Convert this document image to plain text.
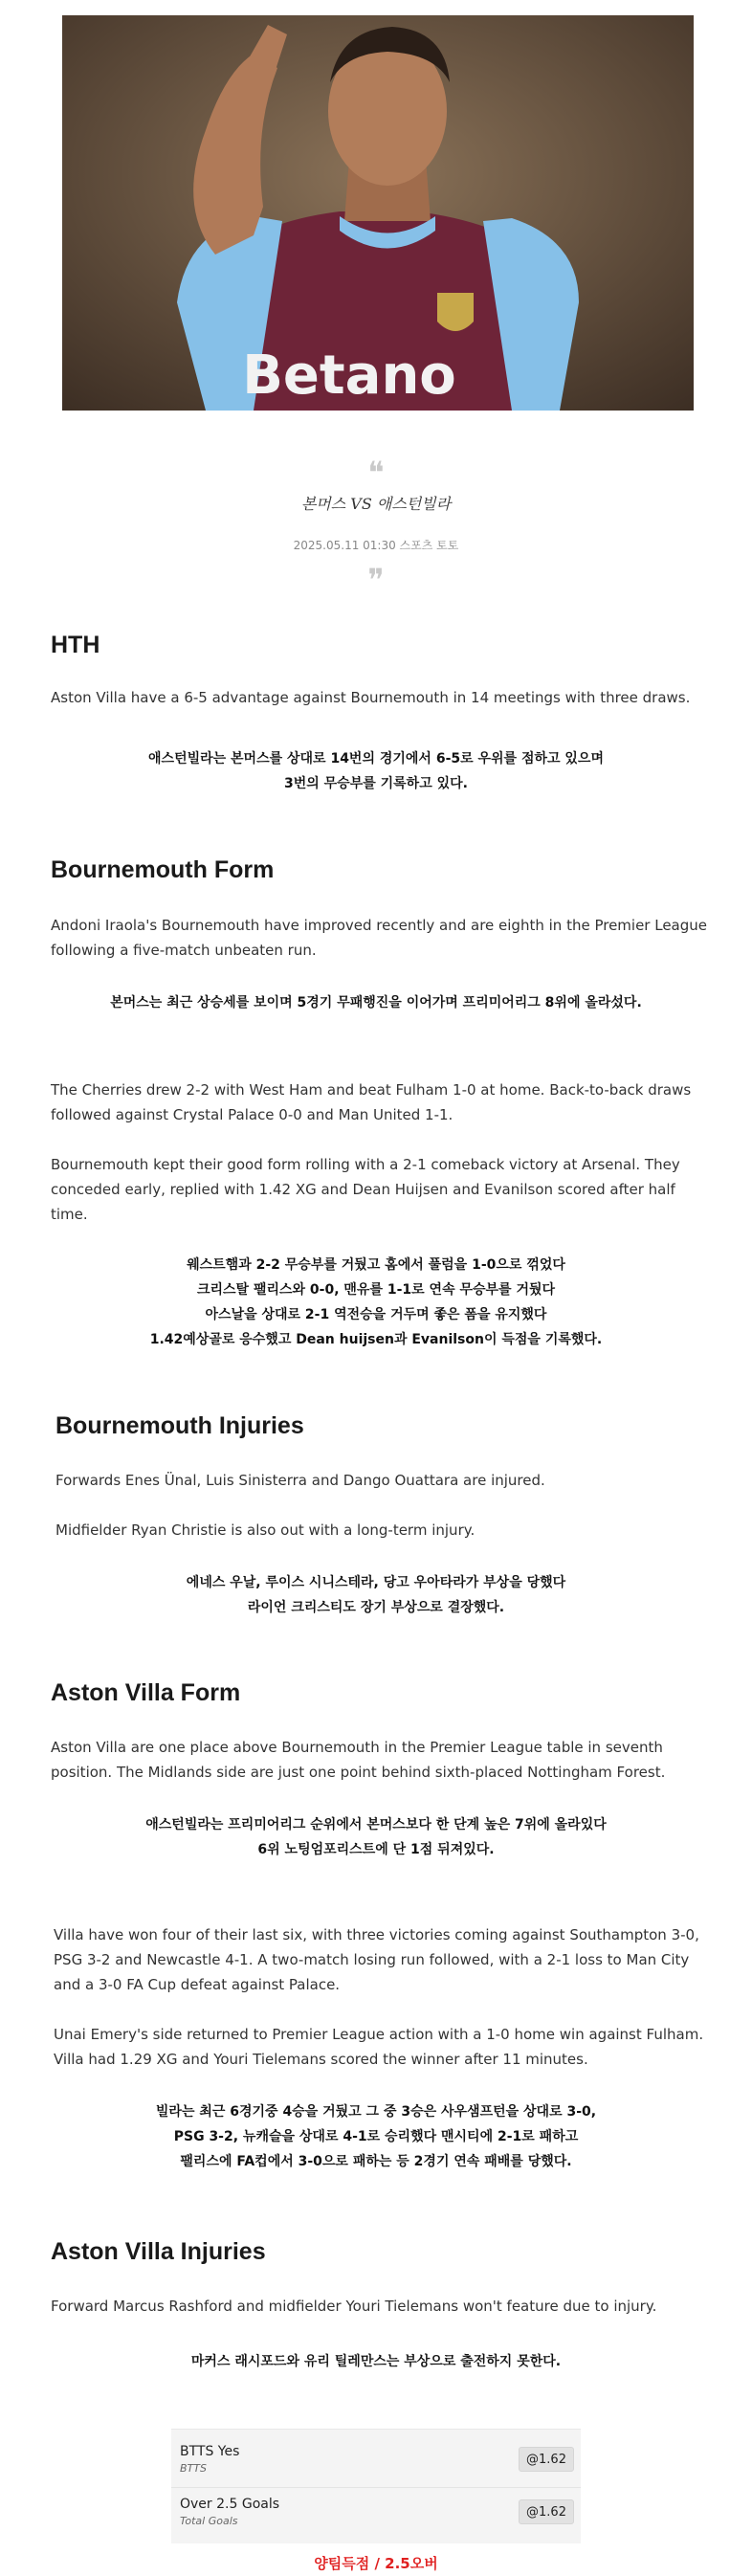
Betano
❝
본머스 VS 애스턴빌라
2025.05.11 01:30 스포츠 토토
❞
HTH
Aston Villa have a 6-5 advantage against Bournemouth in 14 meetings with three draws.
애스턴빌라는 본머스를 상대로 14번의 경기에서 6-5로 우위를 점하고 있으며
3번의 무승부를 기록하고 있다.
Bournemouth Form
Andoni Iraola's Bournemouth have improved recently and are eighth in the Premier League following a five-match unbeaten run.
본머스는 최근 상승세를 보이며 5경기 무패행진을 이어가며 프리미어리그 8위에 올라섰다.
The Cherries drew 2-2 with West Ham and beat Fulham 1-0 at home. Back-to-back draws followed against Crystal Palace 0-0 and Man United 1-1.
Bournemouth kept their good form rolling with a 2-1 comeback victory at Arsenal. They conceded early, replied with 1.42 XG and Dean Huijsen and Evanilson scored after half time.
웨스트햄과 2-2 무승부를 거뒀고 홈에서 풀럼을 1-0으로 꺾었다
크리스탈 팰리스와 0-0, 맨유를 1-1로 연속 무승부를 거뒀다
아스날을 상대로 2-1 역전승을 거두며 좋은 폼을 유지했다
1.42예상골로 응수했고 Dean huijsen과 Evanilson이 득점을 기록했다.
Bournemouth Injuries
Forwards Enes Ünal, Luis Sinisterra and Dango Ouattara are injured.
Midfielder Ryan Christie is also out with a long-term injury.
에네스 우날, 루이스 시니스테라, 당고 우아타라가 부상을 당했다
라이언 크리스티도 장기 부상으로 결장했다.
Aston Villa Form
Aston Villa are one place above Bournemouth in the Premier League table in seventh position. The Midlands side are just one point behind sixth-placed Nottingham Forest.
애스턴빌라는 프리미어리그 순위에서 본머스보다 한 단계 높은 7위에 올라있다
6위 노팅엄포리스트에 단 1점 뒤져있다.
Villa have won four of their last six, with three victories coming against Southampton 3-0, PSG 3-2 and Newcastle 4-1. A two-match losing run followed, with a 2-1 loss to Man City and a 3-0 FA Cup defeat against Palace.
Unai Emery's side returned to Premier League action with a 1-0 home win against Fulham. Villa had 1.29 XG and Youri Tielemans scored the winner after 11 minutes.
빌라는 최근 6경기중 4승을 거뒀고 그 중 3승은 사우샘프턴을 상대로 3-0,
PSG 3-2, 뉴캐슬을 상대로 4-1로 승리했다 맨시티에 2-1로 패하고
팰리스에 FA컵에서 3-0으로 패하는 등 2경기 연속 패배를 당했다.
Aston Villa Injuries
Forward Marcus Rashford and midfielder Youri Tielemans won't feature due to injury.
마커스 래시포드와 유리 틸레만스는 부상으로 출전하지 못한다.
BTTS Yes
BTTS
@1.62
Over 2.5 Goals
Total Goals
@1.62
양팀득점 / 2.5오버
